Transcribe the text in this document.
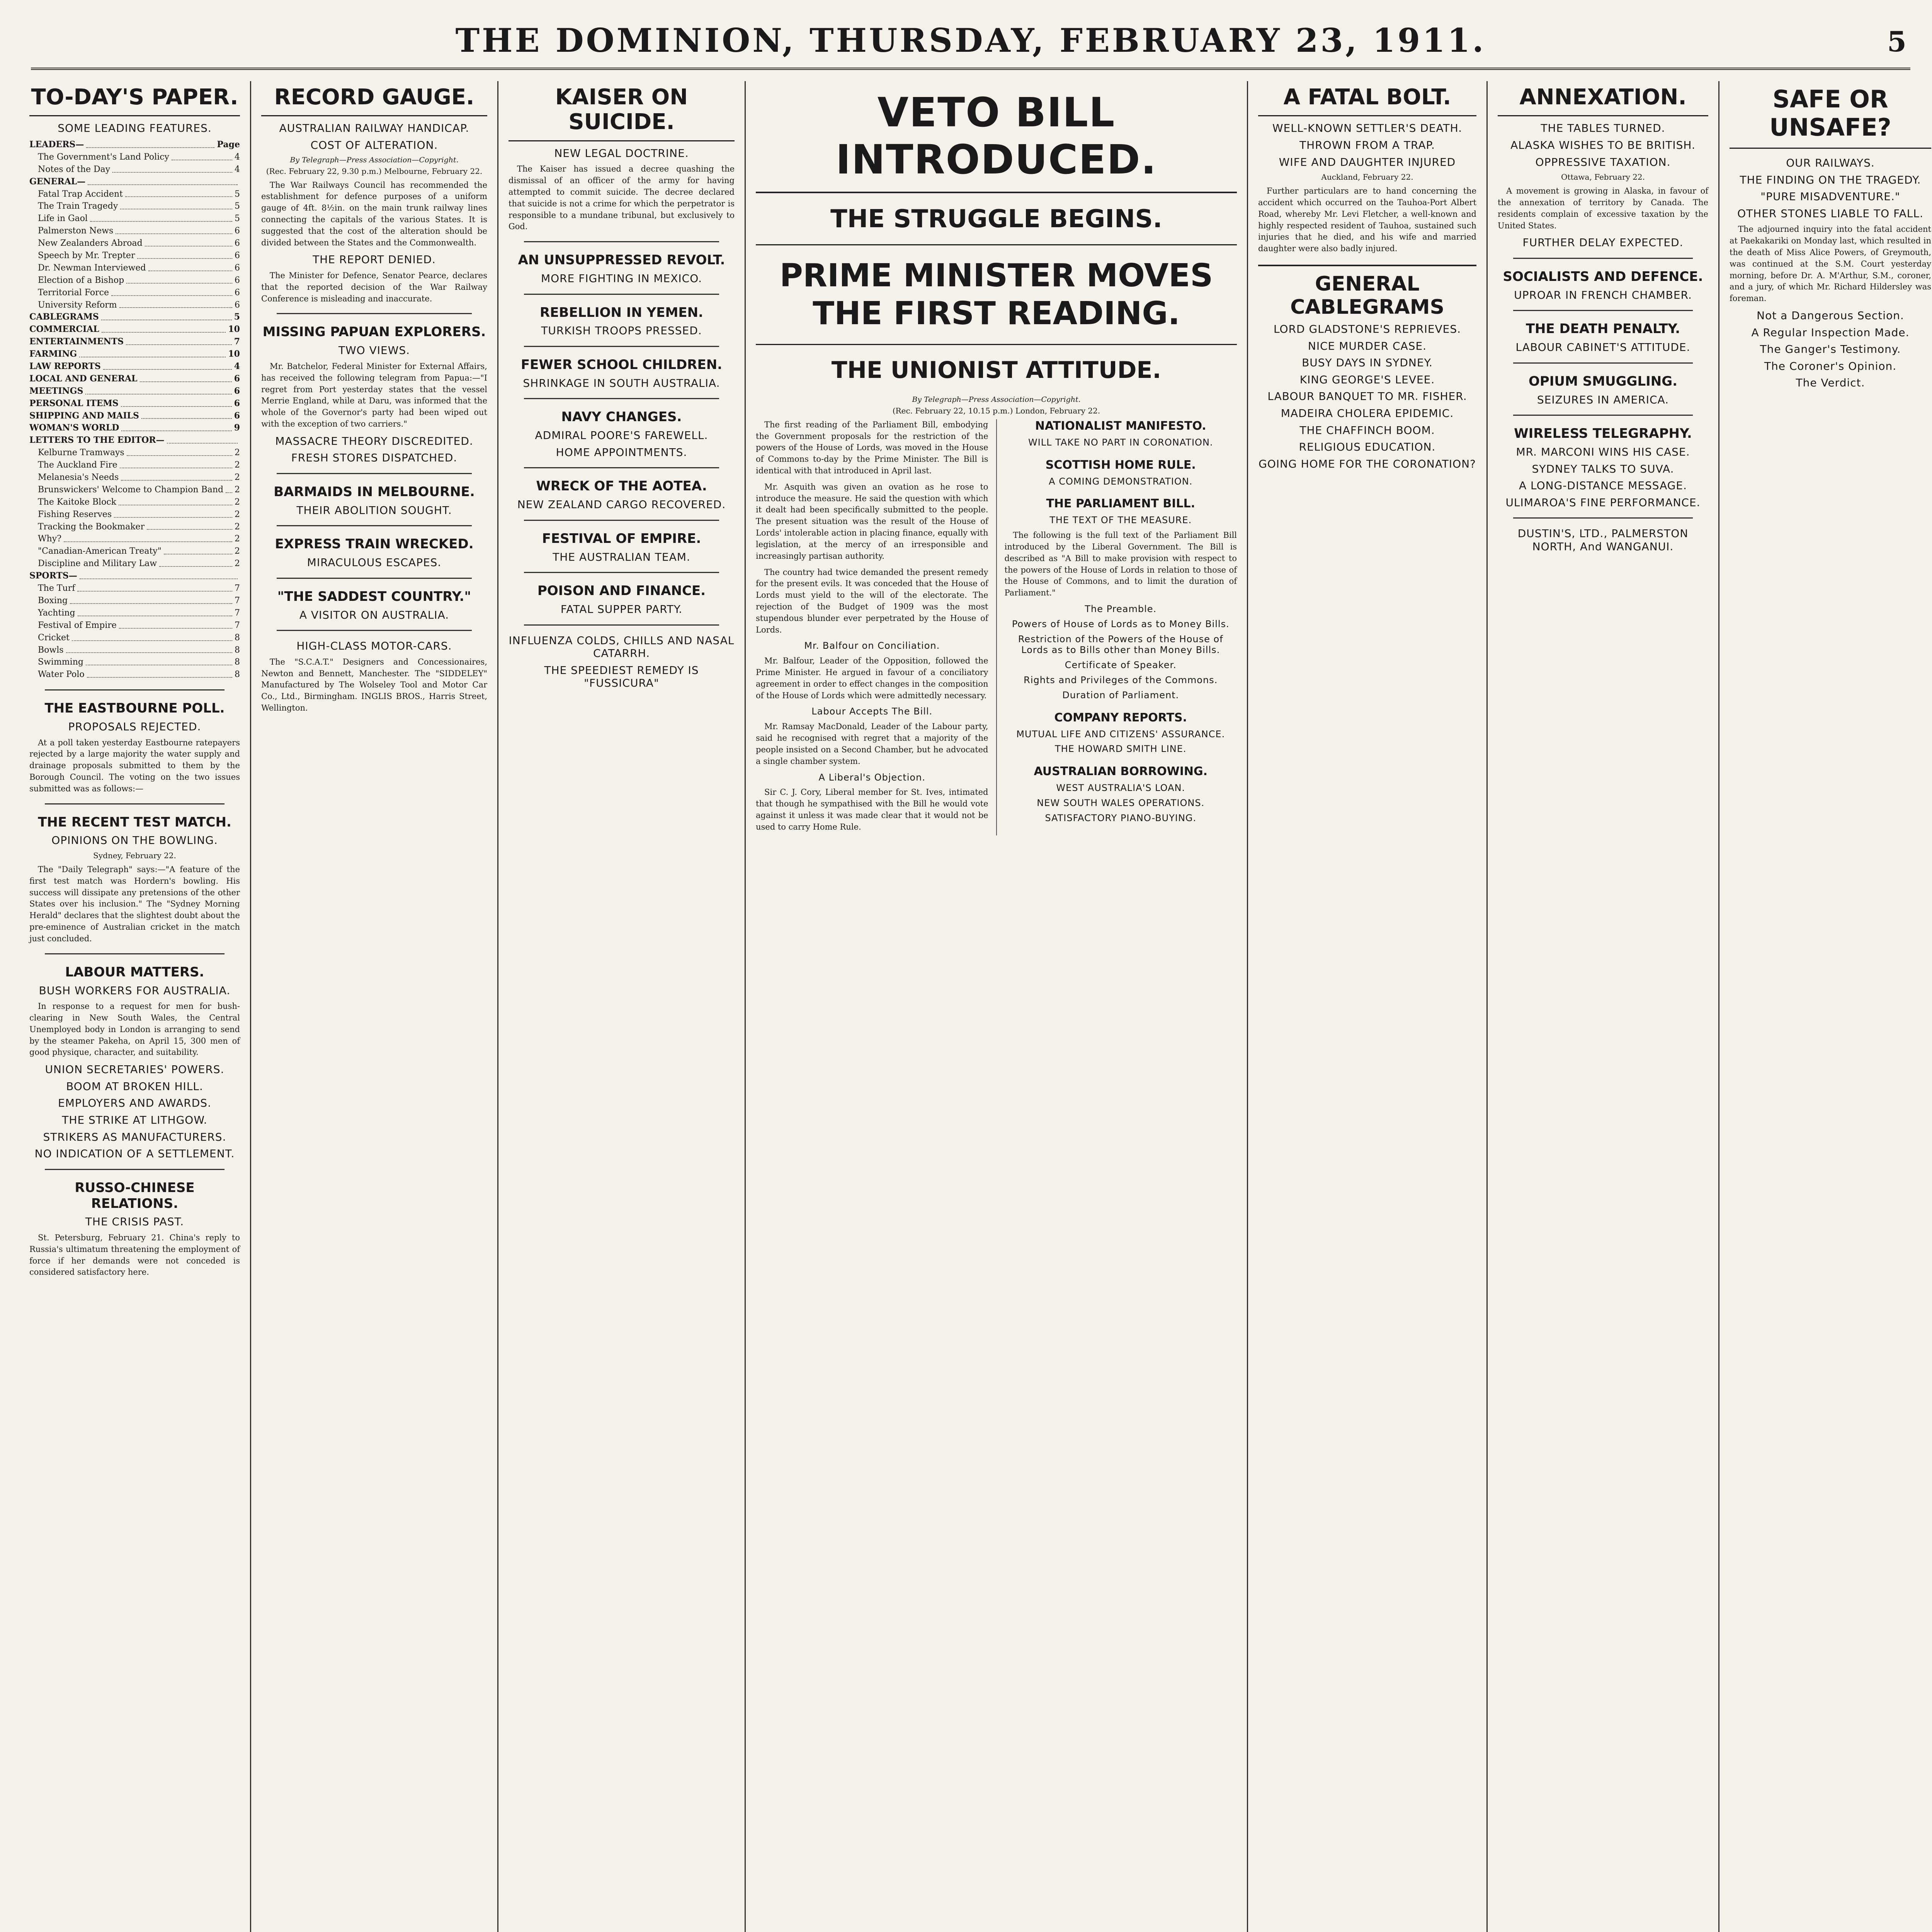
THE DOMINION, THURSDAY, FEBRUARY 23, 1911.	5
TO-DAY'S PAPER.
SOME LEADING FEATURES.
LEADERS—	Page
The Government's Land Policy	4
Notes of the Day	4
GENERAL—
Fatal Trap Accident	5
The Train Tragedy	5
Life in Gaol	5
Palmerston News	6
New Zealanders Abroad	6
Speech by Mr. Trepter	6
Dr. Newman Interviewed	6
Election of a Bishop	6
Territorial Force	6
University Reform	6
CABLEGRAMS	5
COMMERCIAL	10
ENTERTAINMENTS	7
FARMING	10
LAW REPORTS	4
LOCAL AND GENERAL	6
MEETINGS	6
PERSONAL ITEMS	6
SHIPPING AND MAILS	6
WOMAN'S WORLD	9
LETTERS TO THE EDITOR—
Kelburne Tramways	2
The Auckland Fire	2
Melanesia's Needs	2
Brunswickers' Welcome to Champion Band 2
The Kaitoke Block	2
Fishing Reserves	2
Tracking the Bookmaker	2
Why?	2
"Canadian-American Treaty"	2
Discipline and Military Law	2
SPORTS—
The Turf	7
Boxing	7
Yachting	7
Festival of Empire	7
Cricket	8
Bowls	8
Swimming	8
Water Polo	8
THE EASTBOURNE POLL.
PROPOSALS REJECTED.

At a poll taken yesterday Eastbourne ratepayers rejected by a large majority the water supply and drainage proposals submitted to them by the Borough Council. The voting on the two issues submitted was as follows:—

THE RECENT TEST MATCH.
OPINIONS ON THE BOWLING.
Sydney, February 22.

The "Daily Telegraph" says:—"A feature of the first test match was Hordern's bowling. His success will dissipate any pretensions of the other States over his inclusion." The "Sydney Morning Herald" declares that the slightest doubt about the pre-eminence of Australian cricket in the match just concluded.

LABOUR MATTERS.
BUSH WORKERS FOR AUSTRALIA.

In response to a request for men for bush-clearing in New South Wales, the Central Unemployed body in London is arranging to send by the steamer Pakeha, on April 15, 300 men of good physique, character, and suitability.

UNION SECRETARIES' POWERS.
BOOM AT BROKEN HILL.
EMPLOYERS AND AWARDS.
THE STRIKE AT LITHGOW.
STRIKERS AS MANUFACTURERS.
NO INDICATION OF A SETTLEMENT.
RUSSO-CHINESE RELATIONS.
THE CRISIS PAST.

St. Petersburg, February 21. China's reply to Russia's ultimatum threatening the employment of force if her demands were not conceded is considered satisfactory here.

RECORD GAUGE.
AUSTRALIAN RAILWAY HANDICAP.
COST OF ALTERATION.
By Telegraph—Press Association—Copyright.
(Rec. February 22, 9.30 p.m.) Melbourne, February 22.

The War Railways Council has recommended the establishment for defence purposes of a uniform gauge of 4ft. 8½in. on the main trunk railway lines connecting the capitals of the various States. It is suggested that the cost of the alteration should be divided between the States and the Commonwealth.

THE REPORT DENIED.

The Minister for Defence, Senator Pearce, declares that the reported decision of the War Railway Conference is misleading and inaccurate.

MISSING PAPUAN EXPLORERS.
TWO VIEWS.

Mr. Batchelor, Federal Minister for External Affairs, has received the following telegram from Papua:—"I regret from Port yesterday states that the vessel Merrie England, while at Daru, was informed that the whole of the Governor's party had been wiped out with the exception of two carriers."

MASSACRE THEORY DISCREDITED.
FRESH STORES DISPATCHED.
BARMAIDS IN MELBOURNE.
THEIR ABOLITION SOUGHT.
EXPRESS TRAIN WRECKED.
MIRACULOUS ESCAPES.
"THE SADDEST COUNTRY."
A VISITOR ON AUSTRALIA.
HIGH-CLASS MOTOR-CARS.

The "S.C.A.T." Designers and Concessionaires, Newton and Bennett, Manchester. The "SIDDELEY" Manufactured by The Wolseley Tool and Motor Car Co., Ltd., Birmingham. INGLIS BROS., Harris Street, Wellington.

KAISER ON SUICIDE.
NEW LEGAL DOCTRINE.

The Kaiser has issued a decree quashing the dismissal of an officer of the army for having attempted to commit suicide. The decree declared that suicide is not a crime for which the perpetrator is responsible to a mundane tribunal, but exclusively to God.

AN UNSUPPRESSED REVOLT.
MORE FIGHTING IN MEXICO.
REBELLION IN YEMEN.
TURKISH TROOPS PRESSED.
FEWER SCHOOL CHILDREN.
SHRINKAGE IN SOUTH AUSTRALIA.
NAVY CHANGES.
ADMIRAL POORE'S FAREWELL.
HOME APPOINTMENTS.
WRECK OF THE AOTEA.
NEW ZEALAND CARGO RECOVERED.
FESTIVAL OF EMPIRE.
THE AUSTRALIAN TEAM.
POISON AND FINANCE.
FATAL SUPPER PARTY.
INFLUENZA COLDS, CHILLS AND NASAL CATARRH.
THE SPEEDIEST REMEDY IS "FUSSICURA"
VETO BILL INTRODUCED.
THE STRUGGLE BEGINS.
PRIME MINISTER MOVES THE FIRST READING.
THE UNIONIST ATTITUDE.
By Telegraph—Press Association—Copyright.
(Rec. February 22, 10.15 p.m.) London, February 22.

The first reading of the Parliament Bill, embodying the Government proposals for the restriction of the powers of the House of Lords, was moved in the House of Commons to-day by the Prime Minister. The Bill is identical with that introduced in April last.

Mr. Asquith was given an ovation as he rose to introduce the measure. He said the question with which it dealt had been specifically submitted to the people. The present situation was the result of the House of Lords' intolerable action in placing finance, equally with legislation, at the mercy of an irresponsible and increasingly partisan authority.

The country had twice demanded the present remedy for the present evils. It was conceded that the House of Lords must yield to the will of the electorate. The rejection of the Budget of 1909 was the most stupendous blunder ever perpetrated by the House of Lords.

Mr. Balfour on Conciliation.

Mr. Balfour, Leader of the Opposition, followed the Prime Minister. He argued in favour of a conciliatory agreement in order to effect changes in the composition of the House of Lords which were admittedly necessary.

Labour Accepts The Bill.

Mr. Ramsay MacDonald, Leader of the Labour party, said he recognised with regret that a majority of the people insisted on a Second Chamber, but he advocated a single chamber system.

A Liberal's Objection.

Sir C. J. Cory, Liberal member for St. Ives, intimated that though he sympathised with the Bill he would vote against it unless it was made clear that it would not be used to carry Home Rule.

NATIONALIST MANIFESTO.
WILL TAKE NO PART IN CORONATION.
SCOTTISH HOME RULE.
A COMING DEMONSTRATION.
THE PARLIAMENT BILL.
THE TEXT OF THE MEASURE.

The following is the full text of the Parliament Bill introduced by the Liberal Government. The Bill is described as "A Bill to make provision with respect to the powers of the House of Lords in relation to those of the House of Commons, and to limit the duration of Parliament."

The Preamble.
Powers of House of Lords as to Money Bills.
Restriction of the Powers of the House of Lords as to Bills other than Money Bills.
Certificate of Speaker.
Rights and Privileges of the Commons.
Duration of Parliament.
COMPANY REPORTS.
MUTUAL LIFE AND CITIZENS' ASSURANCE.
THE HOWARD SMITH LINE.
AUSTRALIAN BORROWING.
WEST AUSTRALIA'S LOAN.
NEW SOUTH WALES OPERATIONS.
SATISFACTORY PIANO-BUYING.
A FATAL BOLT.
WELL-KNOWN SETTLER'S DEATH.
THROWN FROM A TRAP.
WIFE AND DAUGHTER INJURED
Auckland, February 22.

Further particulars are to hand concerning the accident which occurred on the Tauhoa-Port Albert Road, whereby Mr. Levi Fletcher, a well-known and highly respected resident of Tauhoa, sustained such injuries that he died, and his wife and married daughter were also badly injured.

GENERAL CABLEGRAMS
LORD GLADSTONE'S REPRIEVES.
NICE MURDER CASE.
BUSY DAYS IN SYDNEY.
KING GEORGE'S LEVEE.
LABOUR BANQUET TO MR. FISHER.
MADEIRA CHOLERA EPIDEMIC.
THE CHAFFINCH BOOM.
RELIGIOUS EDUCATION.
GOING HOME FOR THE CORONATION?
ANNEXATION.
THE TABLES TURNED.
ALASKA WISHES TO BE BRITISH.
OPPRESSIVE TAXATION.
Ottawa, February 22.

A movement is growing in Alaska, in favour of the annexation of territory by Canada. The residents complain of excessive taxation by the United States.

FURTHER DELAY EXPECTED.
SOCIALISTS AND DEFENCE.
UPROAR IN FRENCH CHAMBER.
THE DEATH PENALTY.
LABOUR CABINET'S ATTITUDE.
OPIUM SMUGGLING.
SEIZURES IN AMERICA.
WIRELESS TELEGRAPHY.
MR. MARCONI WINS HIS CASE.
SYDNEY TALKS TO SUVA.
A LONG-DISTANCE MESSAGE.
ULIMAROA'S FINE PERFORMANCE.
DUSTIN'S, LTD., PALMERSTON NORTH, And WANGANUI.
SAFE OR UNSAFE?
OUR RAILWAYS.
THE FINDING ON THE TRAGEDY.
"PURE MISADVENTURE."
OTHER STONES LIABLE TO FALL.

The adjourned inquiry into the fatal accident at Paekakariki on Monday last, which resulted in the death of Miss Alice Powers, of Greymouth, was continued at the S.M. Court yesterday morning, before Dr. A. M'Arthur, S.M., coroner, and a jury, of which Mr. Richard Hildersley was foreman.

Not a Dangerous Section.
A Regular Inspection Made.
The Ganger's Testimony.
The Coroner's Opinion.
The Verdict.
